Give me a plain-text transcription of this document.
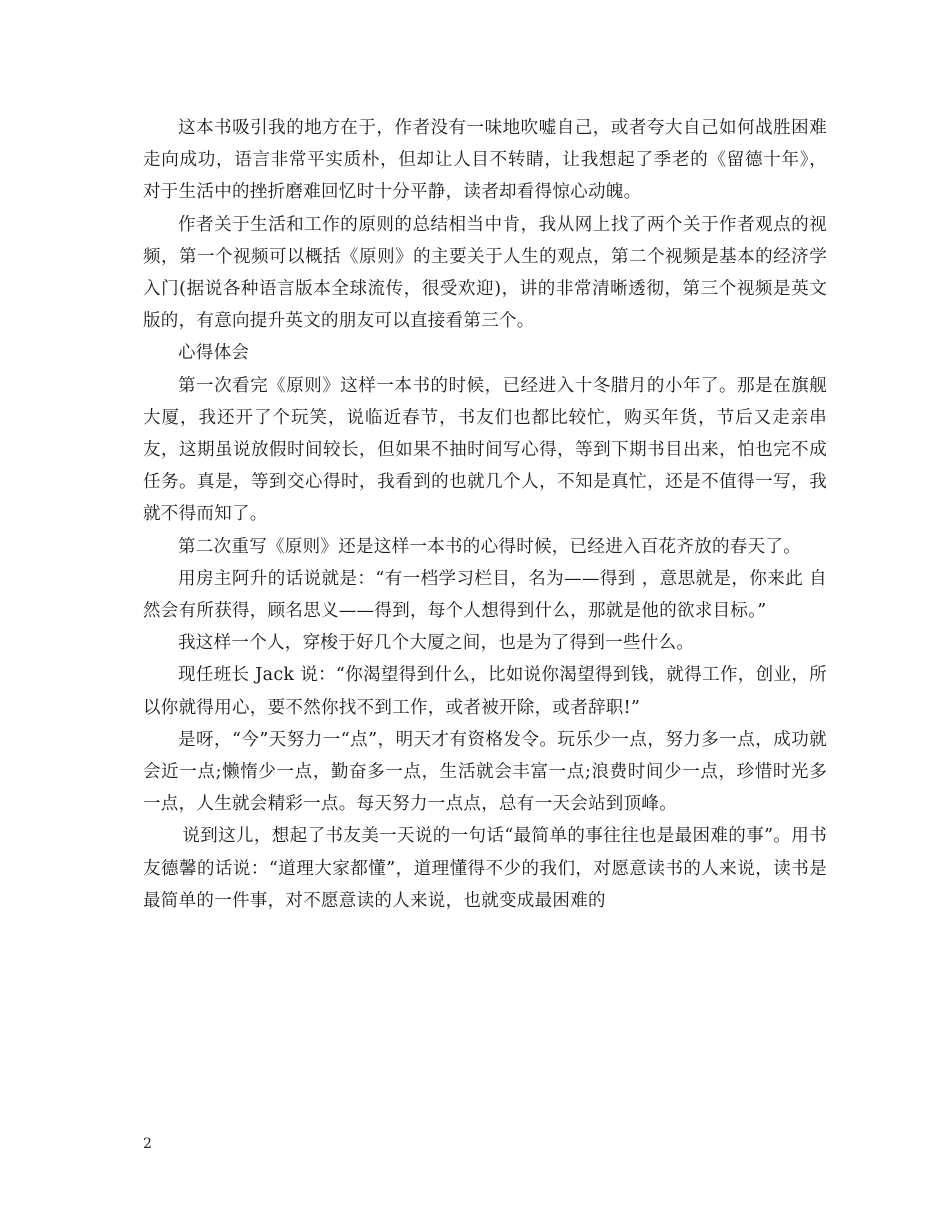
这本书吸引我的地方在于，作者没有一味地吹嘘自己，或者夸大自己如何战胜困难走向成功，语言非常平实质朴，但却让人目不转睛，让我想起了季老的《留德十年》，对于生活中的挫折磨难回忆时十分平静，读者却看得惊心动魄。

作者关于生活和工作的原则的总结相当中肯，我从网上找了两个关于作者观点的视频，第一个视频可以概括《原则》的主要关于人生的观点，第二个视频是基本的经济学入门(据说各种语言版本全球流传，很受欢迎)，讲的非常清晰透彻，第三个视频是英文版的，有意向提升英文的朋友可以直接看第三个。

心得体会

第一次看完《原则》这样一本书的时候，已经进入十冬腊月的小年了。那是在旗舰大厦，我还开了个玩笑，说临近春节，书友们也都比较忙，购买年货，节后又走亲串友，这期虽说放假时间较长，但如果不抽时间写心得，等到下期书目出来，怕也完不成任务。真是，等到交心得时，我看到的也就几个人，不知是真忙，还是不值得一写，我就不得而知了。

第二次重写《原则》还是这样一本书的心得时候，已经进入百花齐放的春天了。

用房主阿升的话说就是：“有一档学习栏目，名为——得到 ，意思就是，你来此 自然会有所获得，顾名思义——得到，每个人想得到什么，那就是他的欲求目标。”

我这样一个人，穿梭于好几个大厦之间，也是为了得到一些什么。

现任班长 Jack 说：“你渴望得到什么，比如说你渴望得到钱，就得工作，创业，所以你就得用心，要不然你找不到工作，或者被开除，或者辞职!”

是呀，“今”天努力一“点”，明天才有资格发令。玩乐少一点，努力多一点，成功就会近一点;懒惰少一点，勤奋多一点，生活就会丰富一点;浪费时间少一点，珍惜时光多一点，人生就会精彩一点。每天努力一点点，总有一天会站到顶峰。

说到这儿，想起了书友美一天说的一句话“最简单的事往往也是最困难的事”。用书友德馨的话说：“道理大家都懂”，道理懂得不少的我们，对愿意读书的人来说，读书是最简单的一件事，对不愿意读的人来说，也就变成最困难的

2
